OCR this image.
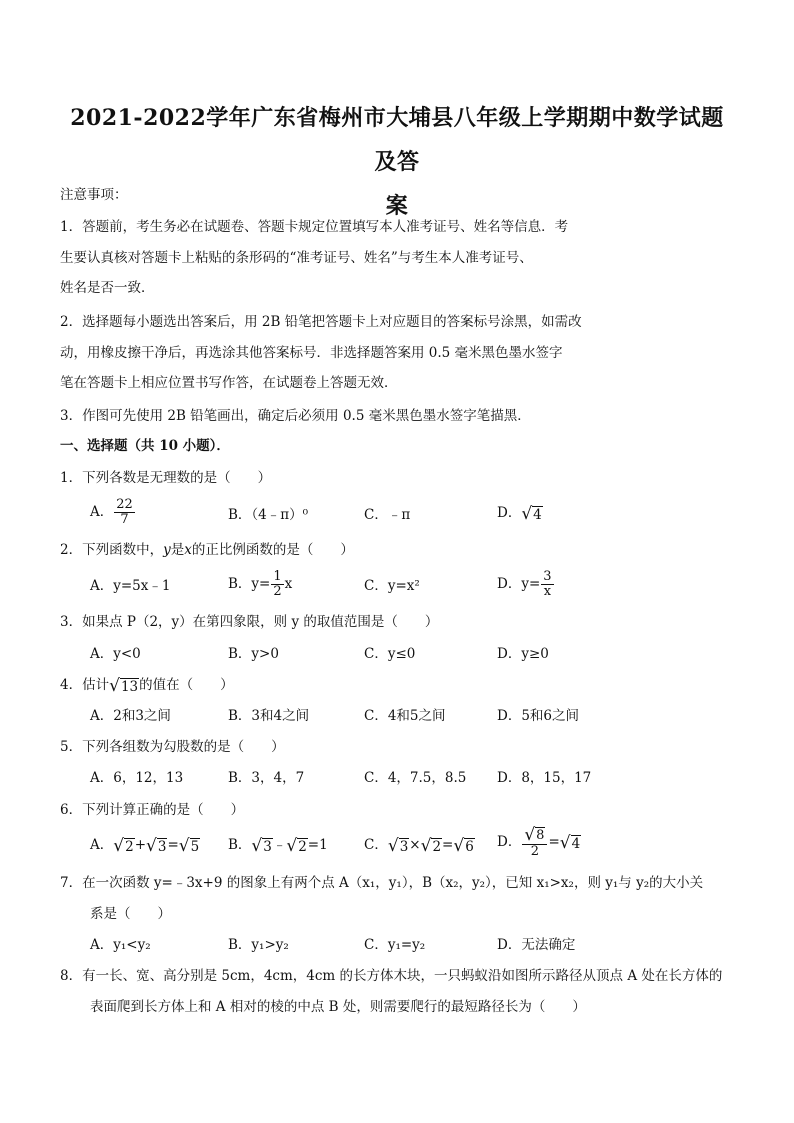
2021-2022学年广东省梅州市大埔县八年级上学期期中数学试题及答
案
注意事项：
1．答题前，考生务必在试题卷、答题卡规定位置填写本人准考证号、姓名等信息．考
生要认真核对答题卡上粘贴的条形码的“准考证号、姓名”与考生本人准考证号、
姓名是否一致．
2．选择题每小题选出答案后，用 2B 铅笔把答题卡上对应题目的答案标号涂黑，如需改
动，用橡皮擦干净后，再选涂其他答案标号．非选择题答案用 0.5 毫米黑色墨水签字
笔在答题卡上相应位置书写作答，在试题卷上答题无效．
3．作图可先使用 2B 铅笔画出，确定后必须用 0.5 毫米黑色墨水签字笔描黑．
一、选择题（共 10 小题）．
1．下列各数是无理数的是（　　）
A． $\frac{22}{7}$	B．（4﹣π）⁰	C．﹣π	D． √ 4
2．下列函数中，y是x的正比例函数的是（　　）
A．y=5x﹣1	B．$y= \frac{1}{2}$ x	C．y=x²	D．$y= \frac{3}{x}$
3．如果点 P（2，y）在第四象限，则 y 的取值范围是（　　）
A．y<0	B．y>0	C．y≤0	D．y≥0
4．估计 √ 13 的值在（　　）
A．2和3之间	B．3和4之间	C．4和5之间	D．5和6之间
5．下列各组数为勾股数的是（　　）
A．6，12，13	B．3，4，7	C．4，7.5，8.5 D．8，15，17
6．下列计算正确的是（　　）
A． √ 2 + √ 3 = √ 5 B． √ 3 ﹣ √ 2 =1	C． √ 3 × √ 2 = √ 6 D． $\frac{√ 8}{2}$ = √ 4
7．在一次函数 y=﹣3x+9 的图象上有两个点 A（x₁，y₁），B（x₂，y₂），已知 x₁>x₂，则 y₁与 y₂的大小关
系是（　　）
A．y₁<y₂	B．y₁>y₂	C．y₁=y₂	D．无法确定
8．有一长、宽、高分别是 5cm，4cm，4cm 的长方体木块，一只蚂蚁沿如图所示路径从顶点 A 处在长方体的
表面爬到长方体上和 A 相对的棱的中点 B 处，则需要爬行的最短路径长为（　　）
